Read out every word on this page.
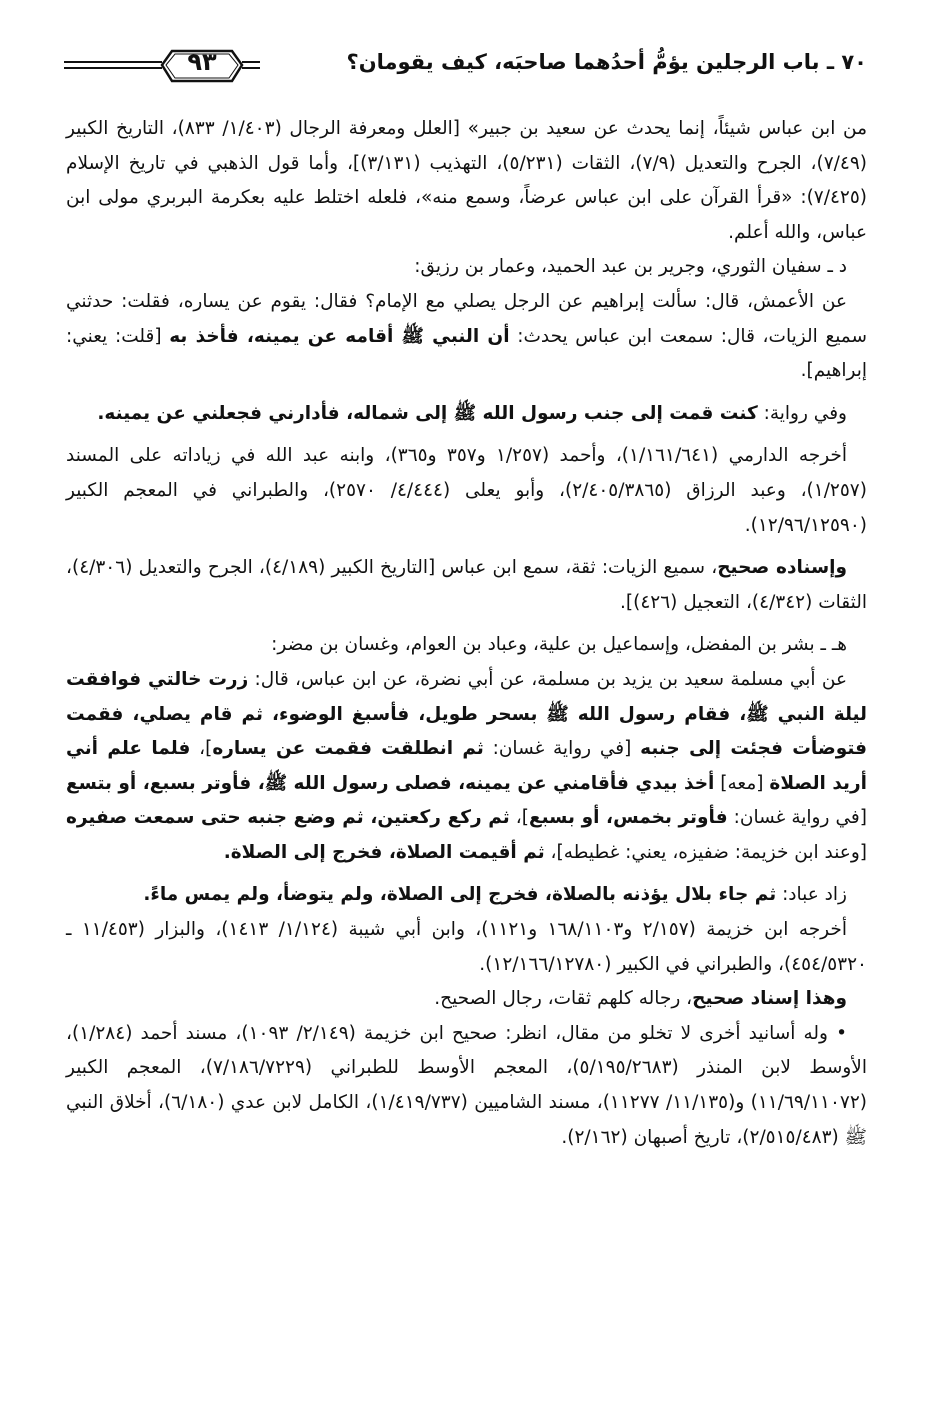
٧٠ ـ باب الرجلين يؤمُّ أحدُهما صاحبَه، كيف يقومان؟
٩٣

من ابن عباس شيئاً، إنما يحدث عن سعيد بن جبير» [العلل ومعرفة الرجال (١/٤٠٣/ ٨٣٣)، التاريخ الكبير (٧/٤٩)، الجرح والتعديل (٧/٩)، الثقات (٥/٢٣١)، التهذيب (٣/١٣١)]، وأما قول الذهبي في تاريخ الإسلام (٧/٤٢٥): «قرأ القرآن على ابن عباس عرضاً، وسمع منه»، فلعله اختلط عليه بعكرمة البربري مولى ابن عباس، والله أعلم.

د ـ سفيان الثوري، وجرير بن عبد الحميد، وعمار بن رزيق:

عن الأعمش، قال: سألت إبراهيم عن الرجل يصلي مع الإمام؟ فقال: يقوم عن يساره، فقلت: حدثني سميع الزيات، قال: سمعت ابن عباس يحدث: أن النبي ﷺ أقامه عن يمينه، فأخذ به [قلت: يعني: إبراهيم].

وفي رواية: كنت قمت إلى جنب رسول الله ﷺ إلى شماله، فأدارني فجعلني عن يمينه.

أخرجه الدارمي (١/١٦١/٦٤١)، وأحمد (١/٢٥٧ و٣٥٧ و٣٦٥)، وابنه عبد الله في زياداته على المسند (١/٢٥٧)، وعبد الرزاق (٢/٤٠٥/٣٨٦٥)، وأبو يعلى (٤/٤٤٤/ ٢٥٧٠)، والطبراني في المعجم الكبير (١٢/٩٦/١٢٥٩٠).

وإسناده صحيح، سميع الزيات: ثقة، سمع ابن عباس [التاريخ الكبير (٤/١٨٩)، الجرح والتعديل (٤/٣٠٦)، الثقات (٤/٣٤٢)، التعجيل (٤٢٦)].

هـ ـ بشر بن المفضل، وإسماعيل بن علية، وعباد بن العوام، وغسان بن مضر:

عن أبي مسلمة سعيد بن يزيد بن مسلمة، عن أبي نضرة، عن ابن عباس، قال: زرت خالتي فوافقت ليلة النبي ﷺ، فقام رسول الله ﷺ بسحر طويل، فأسبغ الوضوء، ثم قام يصلي، فقمت فتوضأت فجئت إلى جنبه [في رواية غسان: ثم انطلقت فقمت عن يساره]، فلما علم أني أريد الصلاة [معه] أخذ بيدي فأقامني عن يمينه، فصلى رسول الله ﷺ، فأوتر بسبع، أو بتسع [في رواية غسان: فأوتر بخمس، أو بسبع]، ثم ركع ركعتين، ثم وضع جنبه حتى سمعت صفيره [وعند ابن خزيمة: ضفيزه، يعني: غطيطه]، ثم أقيمت الصلاة، فخرج إلى الصلاة.

زاد عباد: ثم جاء بلال يؤذنه بالصلاة، فخرج إلى الصلاة، ولم يتوضأ، ولم يمس ماءً.

أخرجه ابن خزيمة (٢/١٥٧ و١٦٨/١١٠٣ و١١٢١)، وابن أبي شيبة (١/١٢٤/ ١٤١٣)، والبزار (١١/٤٥٣ ـ ٤٥٤/٥٣٢٠)، والطبراني في الكبير (١٢/١٦٦/١٢٧٨٠).

وهذا إسناد صحيح، رجاله كلهم ثقات، رجال الصحيح.

• وله أسانيد أخرى لا تخلو من مقال، انظر: صحيح ابن خزيمة (٢/١٤٩/ ١٠٩٣)، مسند أحمد (١/٢٨٤)، الأوسط لابن المنذر (٥/١٩٥/٢٦٨٣)، المعجم الأوسط للطبراني (٧/١٨٦/٧٢٢٩)، المعجم الكبير (١١/٦٩/١١٠٧٢) و(١١/١٣٥/ ١١٢٧٧)، مسند الشاميين (١/٤١٩/٧٣٧)، الكامل لابن عدي (٦/١٨٠)، أخلاق النبي ﷺ (٢/٥١٥/٤٨٣)، تاريخ أصبهان (٢/١٦٢).
